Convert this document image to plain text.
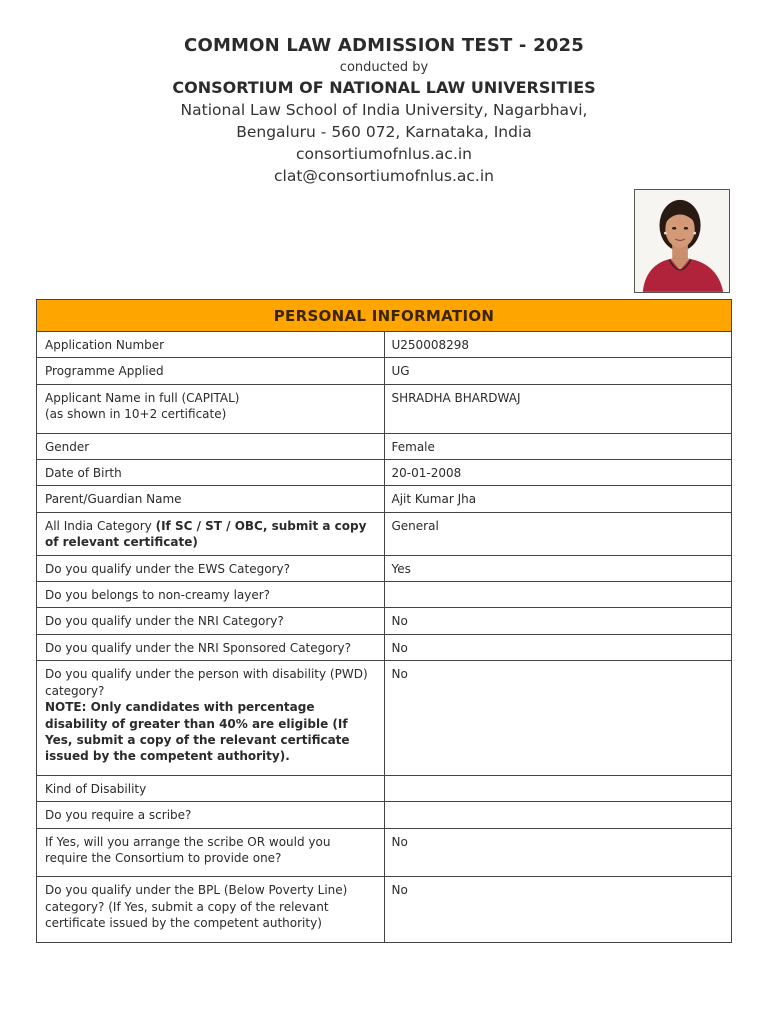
COMMON LAW ADMISSION TEST - 2025
conducted by
CONSORTIUM OF NATIONAL LAW UNIVERSITIES
National Law School of India University, Nagarbhavi,
Bengaluru - 560 072, Karnataka, India
consortiumofnlus.ac.in
clat@consortiumofnlus.ac.in
PERSONAL INFORMATION	
Application Number	U250008298
Programme Applied	UG

Applicant Name in full (CAPITAL)
(as shown in 10+2 certificate)	SHRADHA BHARDWAJ
Gender	Female
Date of Birth	20-01-2008
Parent/Guardian Name	Ajit Kumar Jha
All India Category (If SC / ST / OBC, submit a copy of relevant certificate)	General
Do you qualify under the EWS Category?	Yes
Do you belongs to non-creamy layer?	
Do you qualify under the NRI Category?	No
Do you qualify under the NRI Sponsored Category?	No

Do you qualify under the person with disability (PWD) category?
NOTE: Only candidates with percentage disability of greater than 40% are eligible (If Yes, submit a copy of the relevant certificate issued by the competent authority).	No
Kind of Disability	
Do you require a scribe?	
If Yes, will you arrange the scribe OR would you require the Consortium to provide one?	No
Do you qualify under the BPL (Below Poverty Line) category? (If Yes, submit a copy of the relevant certificate issued by the competent authority)	No
